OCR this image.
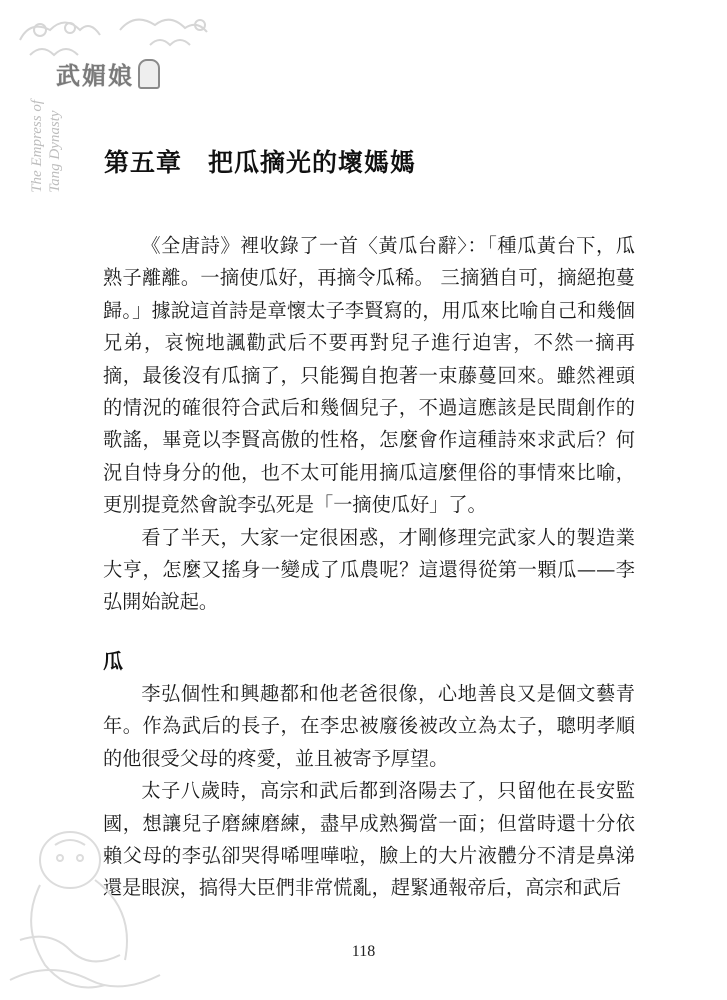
武媚娘
The Empress of Tang Dynasty 第五章　把瓜摘光的壞媽媽

《全唐詩》裡收錄了一首〈黃瓜台辭〉：「種瓜黃台下，瓜熟子離離。一摘使瓜好，再摘令瓜稀。 三摘猶自可，摘絕抱蔓歸。」據說這首詩是章懷太子李賢寫的，用瓜來比喻自己和幾個兄弟，哀惋地諷勸武后不要再對兒子進行迫害，不然一摘再摘，最後沒有瓜摘了，只能獨自抱著一束藤蔓回來。雖然裡頭的情況的確很符合武后和幾個兒子，不過這應該是民間創作的歌謠，畢竟以李賢高傲的性格，怎麼會作這種詩來求武后？何況自恃身分的他，也不太可能用摘瓜這麼俚俗的事情來比喻，更別提竟然會說李弘死是「一摘使瓜好」了。

看了半天，大家一定很困惑，才剛修理完武家人的製造業大亨，怎麼又搖身一變成了瓜農呢？這還得從第一顆瓜——李弘開始說起。

瓜

李弘個性和興趣都和他老爸很像，心地善良又是個文藝青年。作為武后的長子，在李忠被廢後被改立為太子，聰明孝順的他很受父母的疼愛，並且被寄予厚望。

太子八歲時，高宗和武后都到洛陽去了，只留他在長安監國，想讓兒子磨練磨練，盡早成熟獨當一面；但當時還十分依賴父母的李弘卻哭得唏哩嘩啦，臉上的大片液體分不清是鼻涕還是眼淚，搞得大臣們非常慌亂，趕緊通報帝后，高宗和武后

118
